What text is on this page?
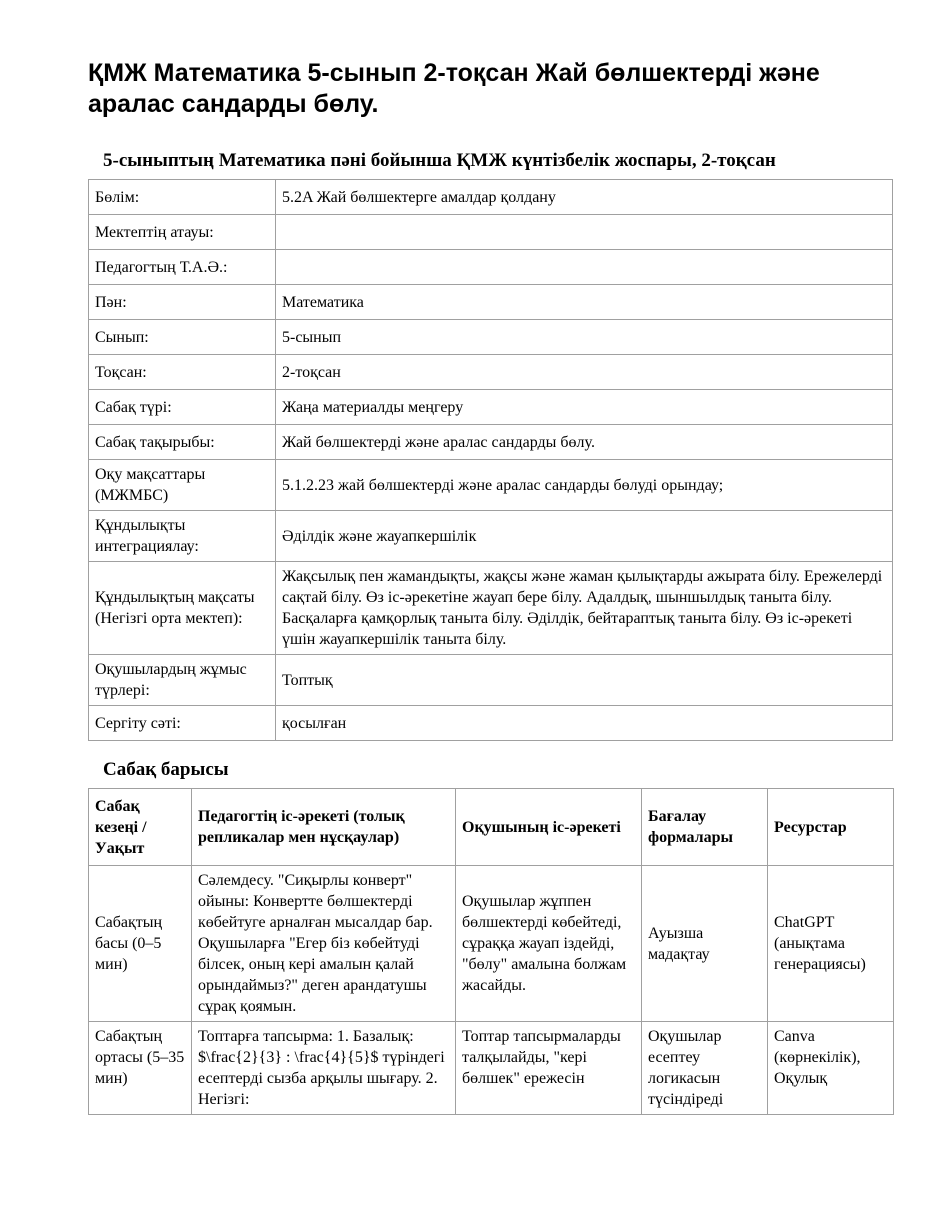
ҚМЖ Математика 5-сынып 2-тоқсан Жай бөлшектерді және аралас сандарды бөлу.
5-сыныптың Математика пәні бойынша ҚМЖ күнтізбелік жоспары, 2-тоқсан
Бөлім:	5.2A Жай бөлшектерге амалдар қолдану
Мектептің атауы:	
Педагогтың Т.А.Ә.:	
Пән:	Математика
Сынып:	5-сынып
Тоқсан:	2-тоқсан
Сабақ түрі:	Жаңа материалды меңгеру
Сабақ тақырыбы:	Жай бөлшектерді және аралас сандарды бөлу.
Оқу мақсаттары (МЖМБС)	5.1.2.23 жай бөлшектерді және аралас сандарды бөлуді орындау;
Құндылықты интеграциялау:	Әділдік және жауапкершілік
Құндылықтың мақсаты (Негізгі орта мектеп):	Жақсылық пен жамандықты, жақсы және жаман қылықтарды ажырата білу. Ережелерді сақтай білу. Өз іс-әрекетіне жауап бере білу. Адалдық, шыншылдық таныта білу. Басқаларға қамқорлық таныта білу. Әділдік, бейтараптық таныта білу. Өз іс-әрекеті үшін жауапкершілік таныта білу.
Оқушылардың жұмыс түрлері:	Топтық
Сергіту сәті:	қосылған
Сабақ барысы
Сабақ кезеңі / Уақыт	Педагогтің іс-әрекеті (толық репликалар мен нұсқаулар)	Оқушының іс-әрекеті	Бағалау формалары	Ресурстар
Сабақтың басы (0–5 мин)	Сәлемдесу. "Сиқырлы конверт" ойыны: Конвертте бөлшектерді көбейтуге арналған мысалдар бар. Оқушыларға "Егер біз көбейтуді білсек, оның кері амалын қалай орындаймыз?" деген арандатушы сұрақ қоямын.	Оқушылар жұппен бөлшектерді көбейтеді, сұраққа жауап іздейді, "бөлу" амалына болжам жасайды.	Ауызша мадақтау	ChatGPT (анықтама генерациясы)
Сабақтың ортасы (5–35 мин)	Топтарға тапсырма: 1. Базалық: $\frac{2}{3} : \frac{4}{5}$ түріндегі есептерді сызба арқылы шығару. 2. Негізгі:	Топтар тапсырмаларды талқылайды, "кері бөлшек" ережесін	Оқушылар есептеу логикасын түсіндіреді	Canva (көрнекілік), Оқулық
